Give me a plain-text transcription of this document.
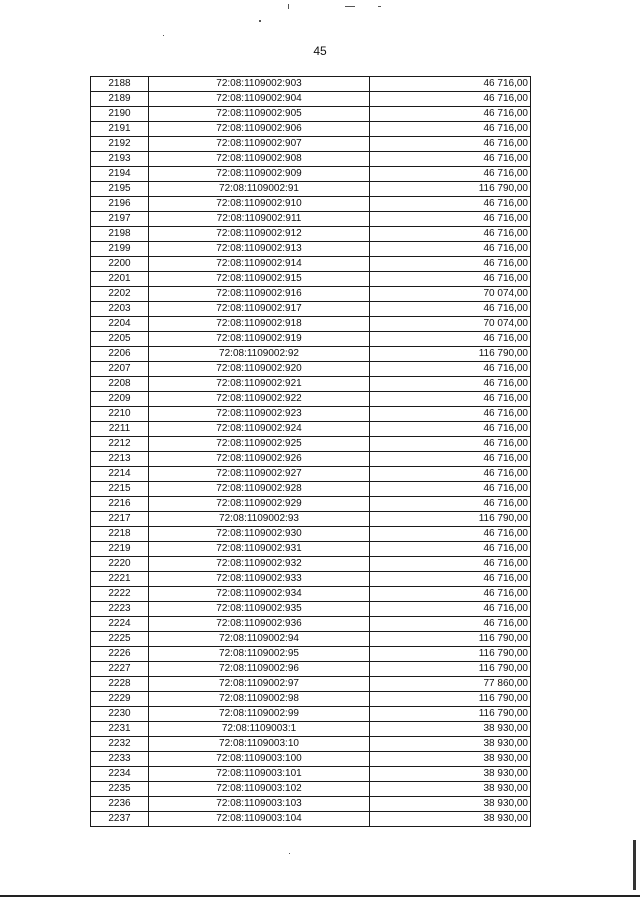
45
2188	72:08:1109002:903	46 716,00
2189	72:08:1109002:904	46 716,00
2190	72:08:1109002:905	46 716,00
2191	72:08:1109002:906	46 716,00
2192	72:08:1109002:907	46 716,00
2193	72:08:1109002:908	46 716,00
2194	72:08:1109002:909	46 716,00
2195	72:08:1109002:91	116 790,00
2196	72:08:1109002:910	46 716,00
2197	72:08:1109002:911	46 716,00
2198	72:08:1109002:912	46 716,00
2199	72:08:1109002:913	46 716,00
2200	72:08:1109002:914	46 716,00
2201	72:08:1109002:915	46 716,00
2202	72:08:1109002:916	70 074,00
2203	72:08:1109002:917	46 716,00
2204	72:08:1109002:918	70 074,00
2205	72:08:1109002:919	46 716,00
2206	72:08:1109002:92	116 790,00
2207	72:08:1109002:920	46 716,00
2208	72:08:1109002:921	46 716,00
2209	72:08:1109002:922	46 716,00
2210	72:08:1109002:923	46 716,00
2211	72:08:1109002:924	46 716,00
2212	72:08:1109002:925	46 716,00
2213	72:08:1109002:926	46 716,00
2214	72:08:1109002:927	46 716,00
2215	72:08:1109002:928	46 716,00
2216	72:08:1109002:929	46 716,00
2217	72:08:1109002:93	116 790,00
2218	72:08:1109002:930	46 716,00
2219	72:08:1109002:931	46 716,00
2220	72:08:1109002:932	46 716,00
2221	72:08:1109002:933	46 716,00
2222	72:08:1109002:934	46 716,00
2223	72:08:1109002:935	46 716,00
2224	72:08:1109002:936	46 716,00
2225	72:08:1109002:94	116 790,00
2226	72:08:1109002:95	116 790,00
2227	72:08:1109002:96	116 790,00
2228	72:08:1109002:97	77 860,00
2229	72:08:1109002:98	116 790,00
2230	72:08:1109002:99	116 790,00
2231	72:08:1109003:1	38 930,00
2232	72:08:1109003:10	38 930,00
2233	72:08:1109003:100	38 930,00
2234	72:08:1109003:101	38 930,00
2235	72:08:1109003:102	38 930,00
2236	72:08:1109003:103	38 930,00
2237	72:08:1109003:104	38 930,00
